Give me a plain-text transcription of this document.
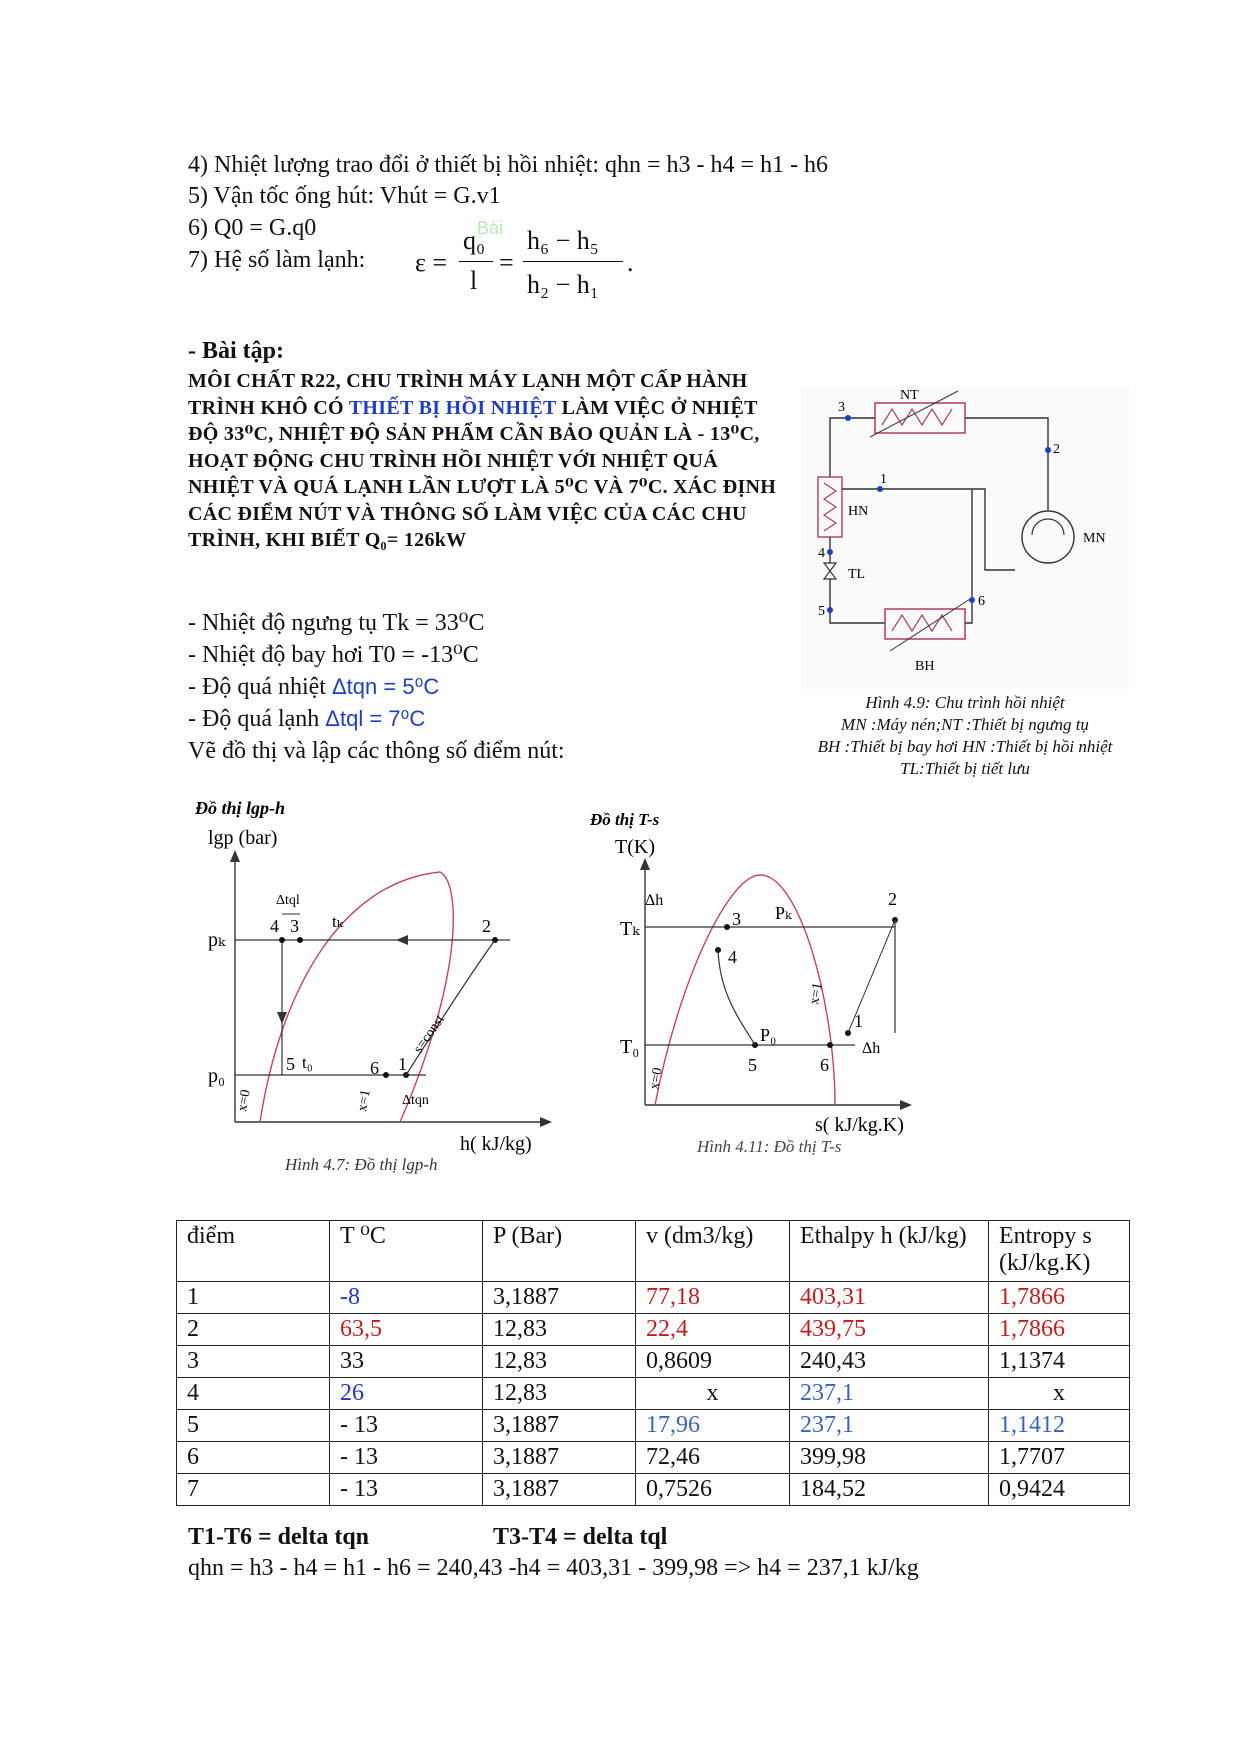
4) Nhiệt lượng trao đổi ở thiết bị hồi nhiệt: qhn = h3 - h4 = h1 - h6
5) Vận tốc ống hút: Vhút = G.v1
6) Q0 = G.q0
7) Hệ số làm lạnh: ε =
q₀
Bài
l
=
h₆ − h₅
h₂ − h₁
.
- Bài tập:
MÔI CHẤT R22, CHU TRÌNH MÁY LẠNH MỘT CẤP HÀNH TRÌNH KHÔ CÓ THIẾT BỊ HỒI NHIỆT LÀM VIỆC Ở NHIỆT ĐỘ 33⁰C, NHIỆT ĐỘ SẢN PHẨM CẦN BẢO QUẢN LÀ - 13⁰C, HOẠT ĐỘNG CHU TRÌNH HỒI NHIỆT VỚI NHIỆT QUÁ NHIỆT VÀ QUÁ LẠNH LẦN LƯỢT LÀ 5⁰C VÀ 7⁰C. XÁC ĐỊNH CÁC ĐIỂM NÚT VÀ THÔNG SỐ LÀM VIỆC CỦA CÁC CHU TRÌNH, KHI BIẾT Q₀= 126kW
- Nhiệt độ ngưng tụ Tk = 33⁰C
- Nhiệt độ bay hơi T0 = -13⁰C
- Độ quá nhiệt Δtqn = 5⁰C
- Độ quá lạnh Δtql = 7⁰C
Vẽ đồ thị và lập các thông số điểm nút:
NT
2
3
HN
1
MN
4
TL
5
6
BH
Hình 4.9: Chu trình hồi nhiệt
MN :Máy nén;NT :Thiết bị ngưng tụ
BH :Thiết bị bay hơi HN :Thiết bị hồi nhiệt
TL:Thiết bị tiết lưu
Đồ thị lgp-h
lgp (bar)
h( kJ/kg)
pₖ
tₖ
p₀
t₀
4 3
5	6 1
2
s=const
x=0	x=1
Δtql
Δtqn
Hình 4.7: Đồ thị lgp-h
Đồ thị T-s
T(K)
s( kJ/kg.K)
Tₖ
T₀
Pₖ
P₀
3
4
5	6
1
2
Δh
Δh
x=0
x=1
Hình 4.11: Đồ thị T-s
điểm	T ⁰C	P (Bar)	v (dm3/kg)	Ethalpy h (kJ/kg)	Entropy s (kJ/kg.K)
1	-8	3,1887	77,18	403,31	1,7866
2	63,5	12,83	22,4	439,75	1,7866
3	33	12,83	0,8609	240,43	1,1374
4	26	12,83	x	237,1	x
5	- 13	3,1887	17,96	237,1	1,1412
6	- 13	3,1887	72,46	399,98	1,7707
7	- 13	3,1887	0,7526	184,52	0,9424
T1-T6 = delta tqn	T3-T4 = delta tql
qhn = h3 - h4 = h1 - h6 = 240,43 -h4 = 403,31 - 399,98 => h4 = 237,1 kJ/kg
